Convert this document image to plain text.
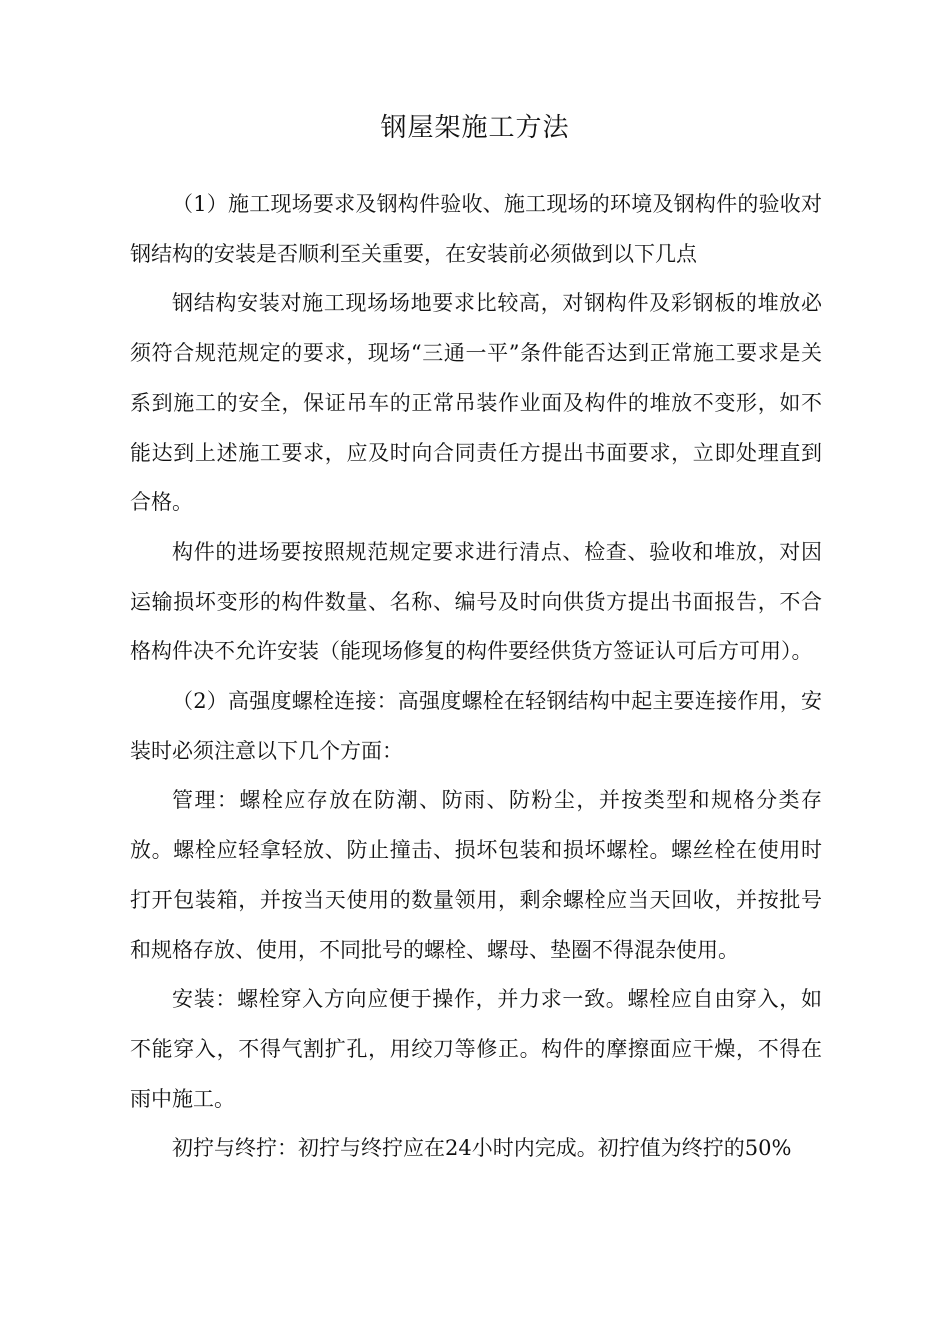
钢屋架施工方法

（1）施工现场要求及钢构件验收、施工现场的环境及钢构件的验收对钢结构的安装是否顺利至关重要，在安装前必须做到以下几点

钢结构安装对施工现场场地要求比较高，对钢构件及彩钢板的堆放必须符合规范规定的要求，现场“三通一平”条件能否达到正常施工要求是关系到施工的安全，保证吊车的正常吊装作业面及构件的堆放不变形，如不能达到上述施工要求，应及时向合同责任方提出书面要求，立即处理直到合格。

构件的进场要按照规范规定要求进行清点、检查、验收和堆放，对因运输损坏变形的构件数量、名称、编号及时向供货方提出书面报告，不合格构件决不允许安装（能现场修复的构件要经供货方签证认可后方可用）。

（2）高强度螺栓连接：高强度螺栓在轻钢结构中起主要连接作用，安装时必须注意以下几个方面：

管理：螺栓应存放在防潮、防雨、防粉尘，并按类型和规格分类存放。螺栓应轻拿轻放、防止撞击、损坏包装和损坏螺栓。螺丝栓在使用时打开包装箱，并按当天使用的数量领用，剩余螺栓应当天回收，并按批号和规格存放、使用，不同批号的螺栓、螺母、垫圈不得混杂使用。

安装：螺栓穿入方向应便于操作，并力求一致。螺栓应自由穿入，如不能穿入，不得气割扩孔，用绞刀等修正。构件的摩擦面应干燥，不得在雨中施工。

初拧与终拧：初拧与终拧应在24小时内完成。初拧值为终拧的50%
